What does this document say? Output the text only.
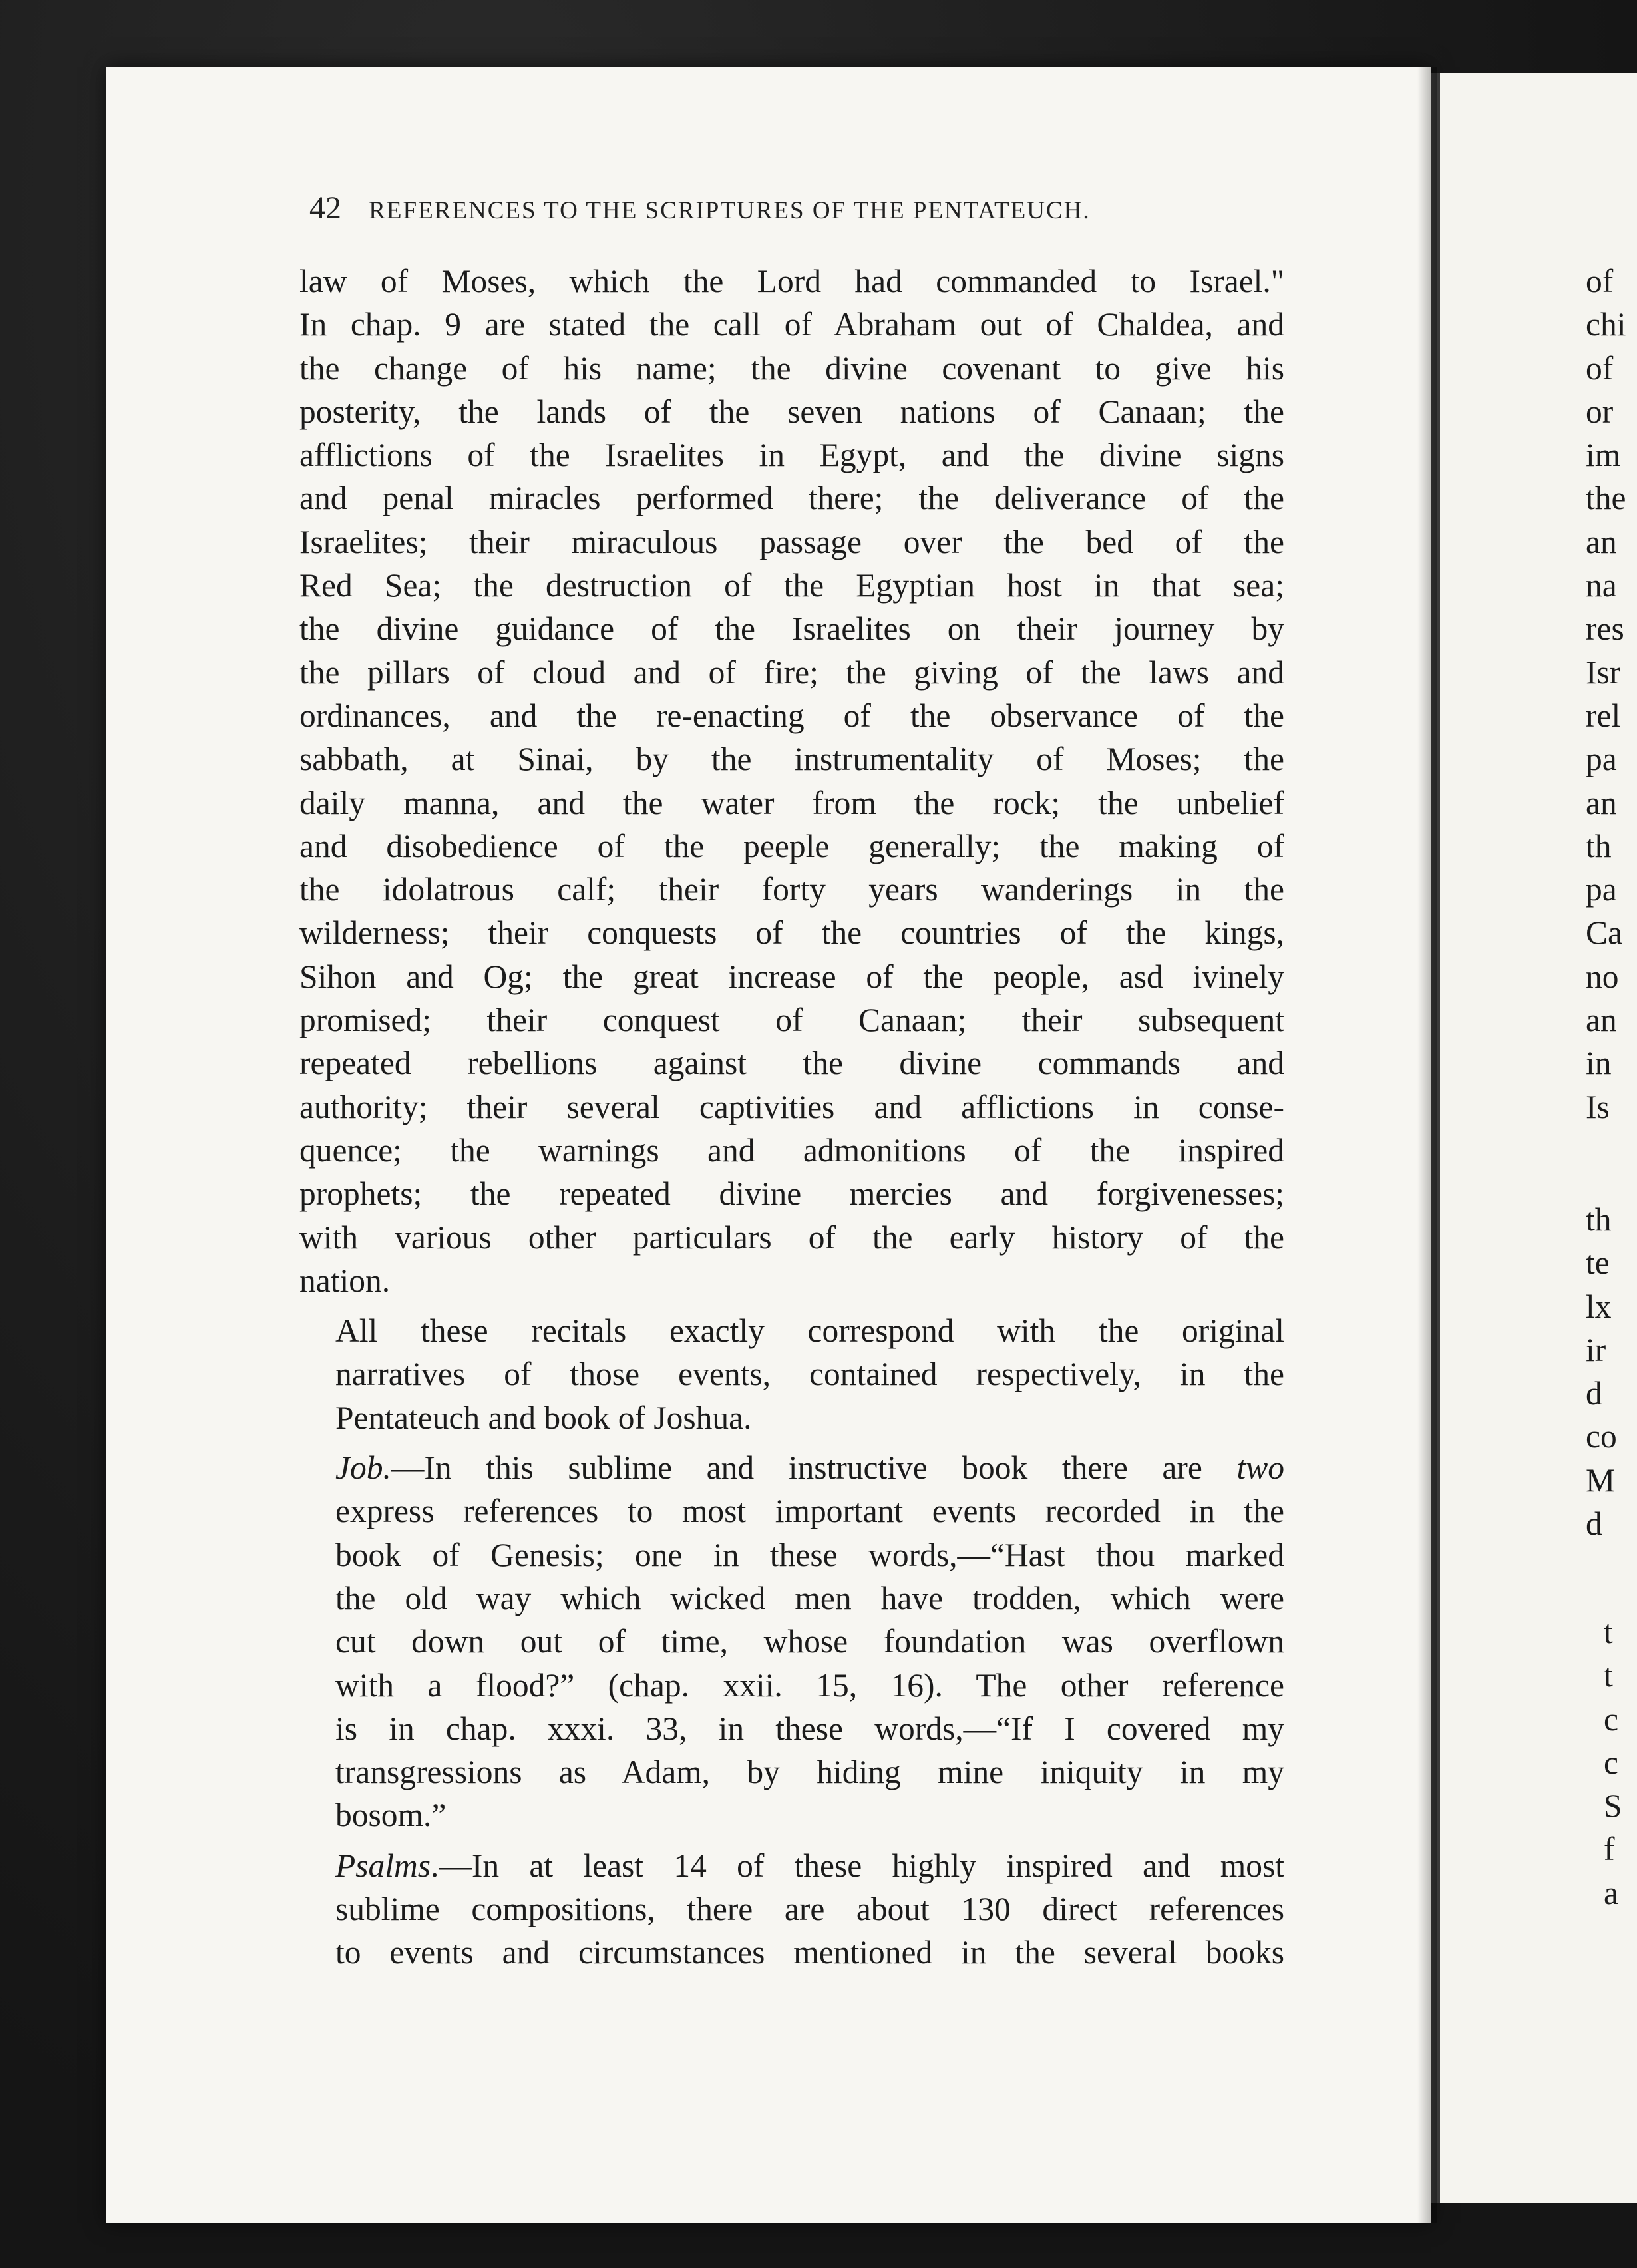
42 REFERENCES TO THE SCRIPTURES OF THE PENTATEUCH.
law of Moses, which the Lord had commanded to Israel."
In chap. 9 are stated the call of Abraham out of Chaldea, and
the change of his name; the divine covenant to give his
posterity, the lands of the seven nations of Canaan; the
afflictions of the Israelites in Egypt, and the divine signs
and penal miracles performed there; the deliverance of the
Israelites; their miraculous passage over the bed of the
Red Sea; the destruction of the Egyptian host in that sea;
the divine guidance of the Israelites on their journey by
the pillars of cloud and of fire; the giving of the laws and
ordinances, and the re-enacting of the observance of the
sabbath, at Sinai, by the instrumentality of Moses; the
daily manna, and the water from the rock; the unbelief
and disobedience of the peeple generally; the making of
the idolatrous calf; their forty years wanderings in the
wilderness; their conquests of the countries of the kings,
Sihon and Og; the great increase of the people, asd ivinely
promised; their conquest of Canaan; their subsequent
repeated rebellions against the divine commands and
authority; their several captivities and afflictions in conse-
quence; the warnings and admonitions of the inspired
prophets; the repeated divine mercies and forgivenesses;
with various other particulars of the early history of the
nation.
All these recitals exactly correspond with the original
narratives of those events, contained respectively, in the
Pentateuch and book of Joshua.
Job.—In this sublime and instructive book there are two
express references to most important events recorded in the
book of Genesis; one in these words,—“Hast thou marked
the old way which wicked men have trodden, which were
cut down out of time, whose foundation was overflown
with a flood?” (chap. xxii. 15, 16). The other reference
is in chap. xxxi. 33, in these words,—“If I covered my
transgressions as Adam, by hiding mine iniquity in my
bosom.”
Psalms.—In at least 14 of these highly inspired and most
sublime compositions, there are about 130 direct references
to events and circumstances mentioned in the several books
of
chi
of
or
im
the
an
na
res
Isr
rel
pa
an
th
pa
Ca
no
an
in
Is
th
te
lx
ir
d
co
M
d
t
t
c
c
S
f
a
